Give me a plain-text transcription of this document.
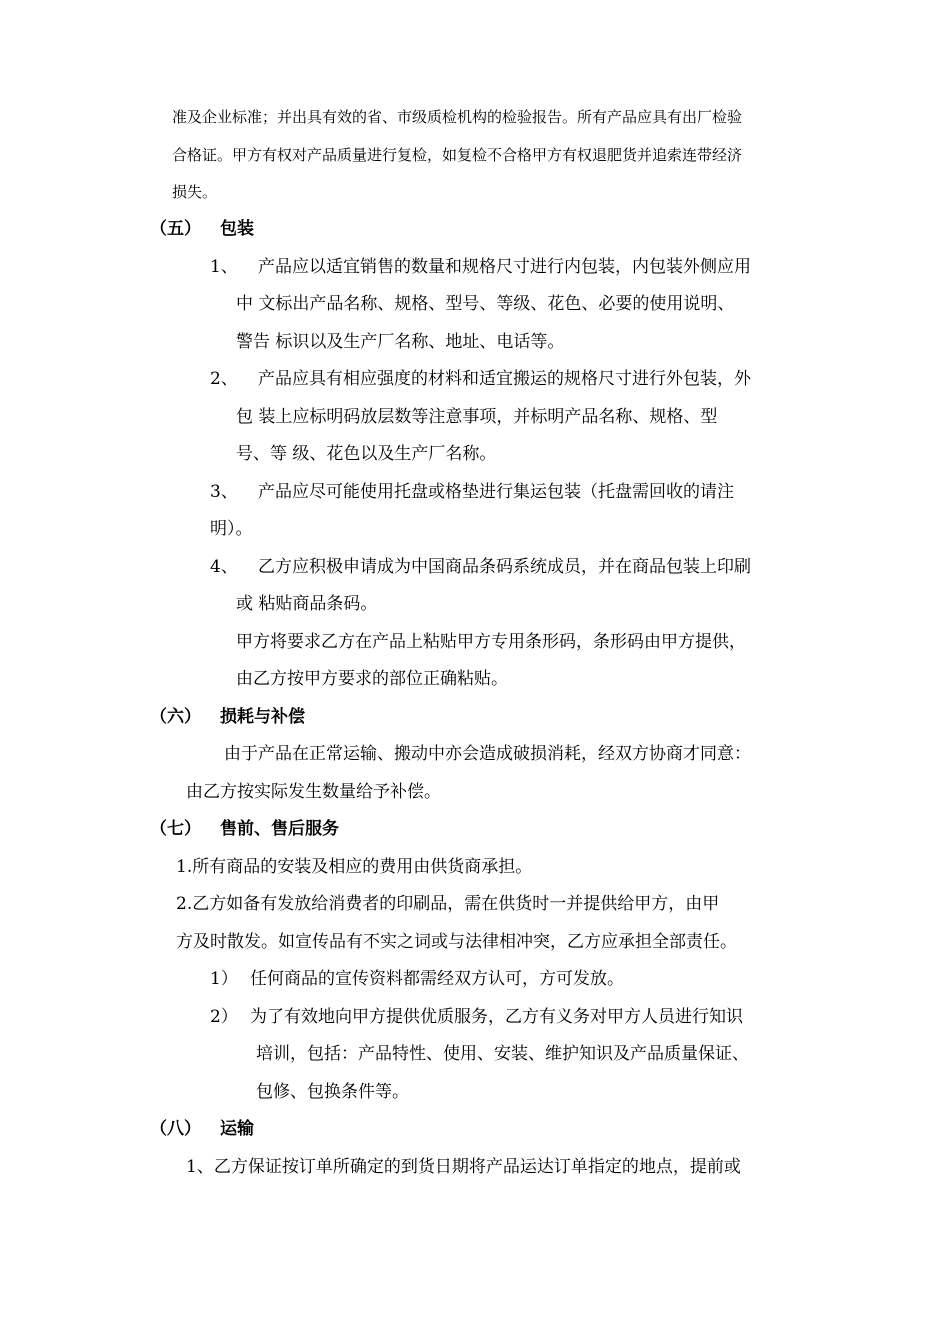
准及企业标准；并出具有效的省、市级质检机构的检验报告。所有产品应具有出厂检验
合格证。甲方有权对产品质量进行复检，如复检不合格甲方有权退肥货并追索连带经济
损失。
（五） 包装
1、 产品应以适宜销售的数量和规格尺寸进行内包装，内包装外侧应用
中 文标出产品名称、规格、型号、等级、花色、必要的使用说明、
警告 标识以及生产厂名称、地址、电话等。
2、 产品应具有相应强度的材料和适宜搬运的规格尺寸进行外包装，外
包 装上应标明码放层数等注意事项，并标明产品名称、规格、型
号、等 级、花色以及生产厂名称。
3、 产品应尽可能使用托盘或格垫进行集运包装（托盘需回收的请注
明）。
4、 乙方应积极申请成为中国商品条码系统成员，并在商品包装上印刷
或 粘贴商品条码。
甲方将要求乙方在产品上粘贴甲方专用条形码，条形码由甲方提供，
由乙方按甲方要求的部位正确粘贴。
（六） 损耗与补偿
由于产品在正常运输、搬动中亦会造成破损消耗，经双方协商才同意：
由乙方按实际发生数量给予补偿。
（七） 售前、售后服务
1.所有商品的安装及相应的费用由供货商承担。
2.乙方如备有发放给消费者的印刷品，需在供货时一并提供给甲方，由甲
方及时散发。如宣传品有不实之词或与法律相冲突，乙方应承担全部责任。
1） 任何商品的宣传资料都需经双方认可，方可发放。
2） 为了有效地向甲方提供优质服务，乙方有义务对甲方人员进行知识
培训，包括：产品特性、使用、安装、维护知识及产品质量保证、
包修、包换条件等。
（八） 运输
1、乙方保证按订单所确定的到货日期将产品运达订单指定的地点，提前或
